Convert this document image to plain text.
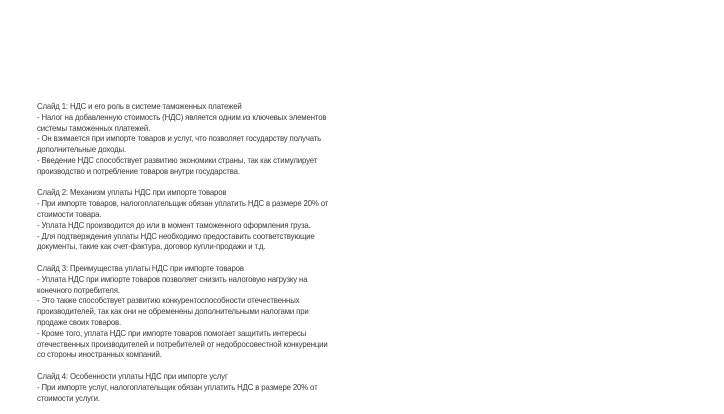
Слайд 1: НДС и его роль в системе таможенных платежей
- Налог на добавленную стоимость (НДС) является одним из ключевых элементов
системы таможенных платежей.
- Он взимается при импорте товаров и услуг, что позволяет государству получать
дополнительные доходы.
- Введение НДС способствует развитию экономики страны, так как стимулирует
производство и потребление товаров внутри государства.
Слайд 2: Механизм уплаты НДС при импорте товаров
- При импорте товаров, налогоплательщик обязан уплатить НДС в размере 20% от
стоимости товара.
- Уплата НДС производится до или в момент таможенного оформления груза.
- Для подтверждения уплаты НДС необходимо предоставить соответствующие
документы, такие как счет-фактура, договор купли-продажи и т.д.
Слайд 3: Преимущества уплаты НДС при импорте товаров
- Уплата НДС при импорте товаров позволяет снизить налоговую нагрузку на
конечного потребителя.
- Это также способствует развитию конкурентоспособности отечественных
производителей, так как они не обременены дополнительными налогами при
продаже своих товаров.
- Кроме того, уплата НДС при импорте товаров помогает защитить интересы
отечественных производителей и потребителей от недобросовестной конкуренции
со стороны иностранных компаний.
Слайд 4: Особенности уплаты НДС при импорте услуг
- При импорте услуг, налогоплательщик обязан уплатить НДС в размере 20% от
стоимости услуги.
